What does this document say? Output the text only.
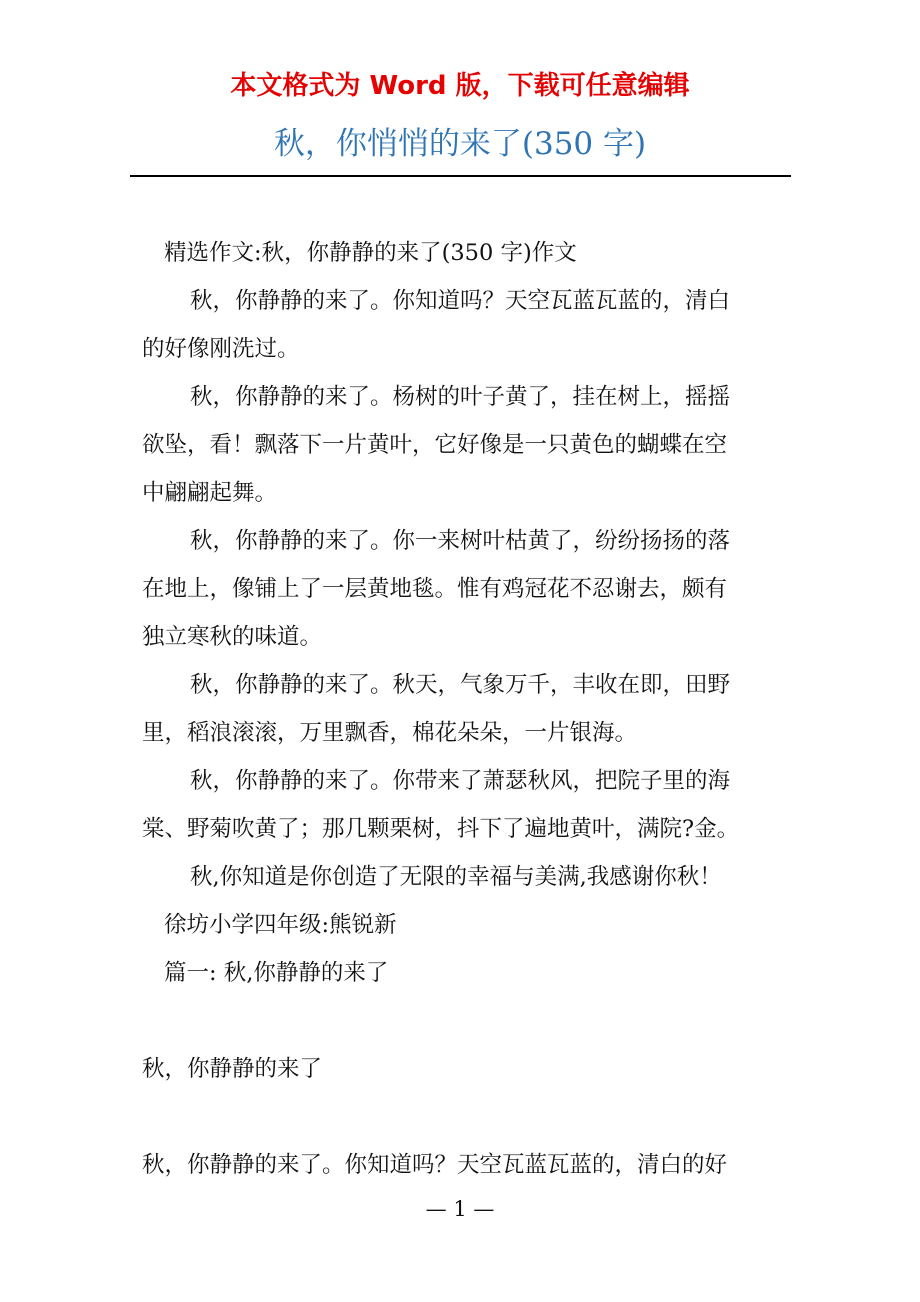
本文格式为 Word 版，下载可任意编辑
秋，你悄悄的来了(350 字)

精选作文:秋，你静静的来了(350 字)作文

秋，你静静的来了。你知道吗？天空瓦蓝瓦蓝的，清白

的好像刚洗过。

秋，你静静的来了。杨树的叶子黄了，挂在树上，摇摇

欲坠，看！飘落下一片黄叶，它好像是一只黄色的蝴蝶在空

中翩翩起舞。

秋，你静静的来了。你一来树叶枯黄了，纷纷扬扬的落

在地上，像铺上了一层黄地毯。惟有鸡冠花不忍谢去，颇有

独立寒秋的味道。

秋，你静静的来了。秋天，气象万千，丰收在即，田野

里，稻浪滚滚，万里飘香，棉花朵朵，一片银海。

秋，你静静的来了。你带来了萧瑟秋风，把院子里的海

棠、野菊吹黄了；那几颗栗树，抖下了遍地黄叶，满院?金。

秋,你知道是你创造了无限的幸福与美满,我感谢你秋！

徐坊小学四年级:熊锐新

篇一: 秋,你静静的来了

秋，你静静的来了

秋，你静静的来了。你知道吗？天空瓦蓝瓦蓝的，清白的好

— 1 —
